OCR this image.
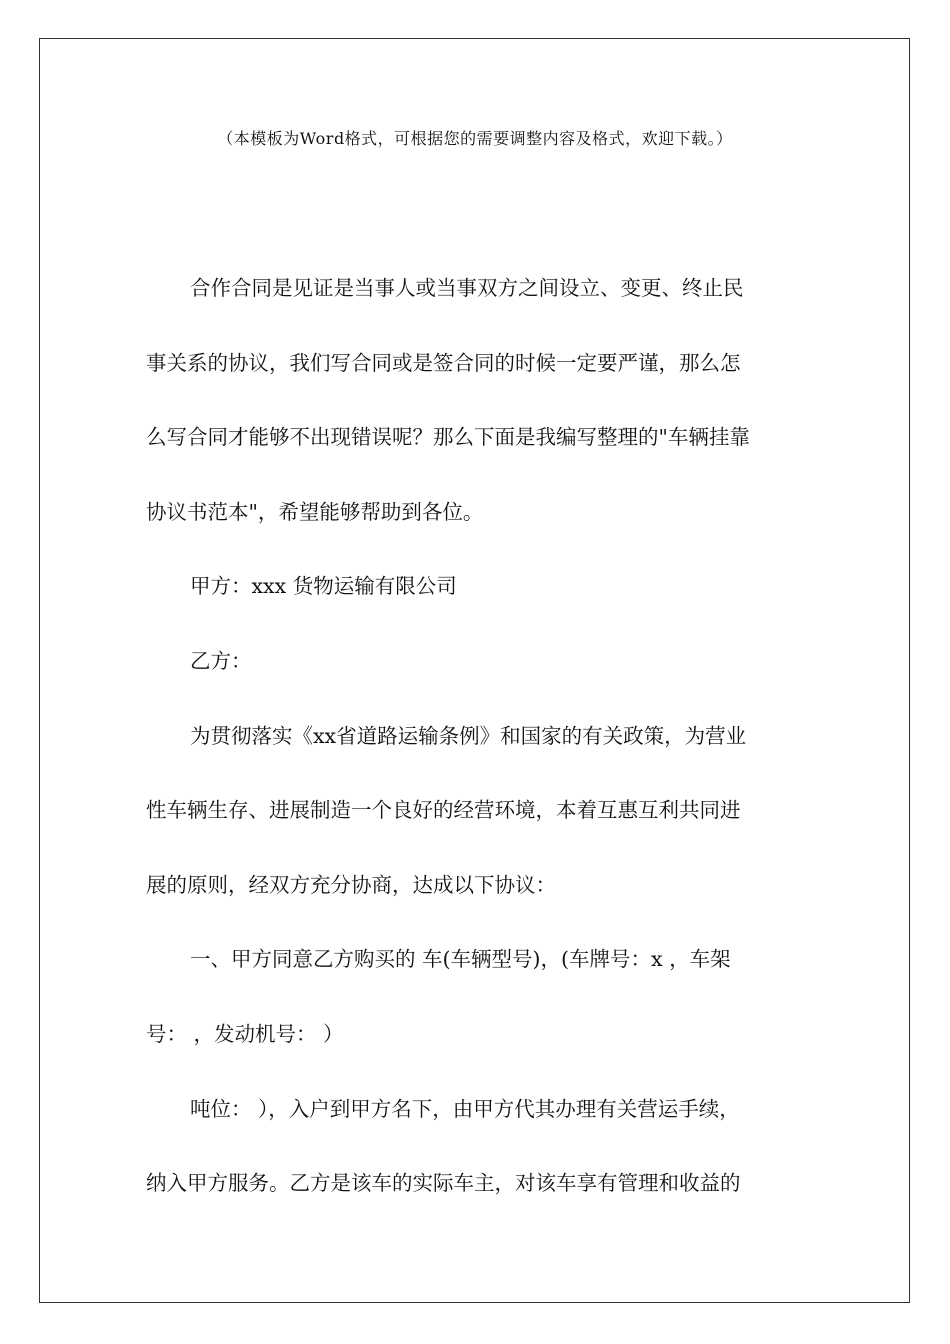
（本模板为Word格式，可根据您的需要调整内容及格式，欢迎下载。）
合作合同是见证是当事人或当事双方之间设立、变更、终止民
事关系的协议，我们写合同或是签合同的时候一定要严谨，那么怎
么写合同才能够不出现错误呢？那么下面是我编写整理的"车辆挂靠
协议书范本"，希望能够帮助到各位。
甲方：xxx 货物运输有限公司
乙方：
为贯彻落实《xx省道路运输条例》和国家的有关政策，为营业
性车辆生存、进展制造一个良好的经营环境，本着互惠互利共同进
展的原则，经双方充分协商，达成以下协议：
一、甲方同意乙方购买的 车(车辆型号)，(车牌号：x ，车架
号： ，发动机号： ）
吨位： ），入户到甲方名下，由甲方代其办理有关营运手续，
纳入甲方服务。乙方是该车的实际车主，对该车享有管理和收益的
